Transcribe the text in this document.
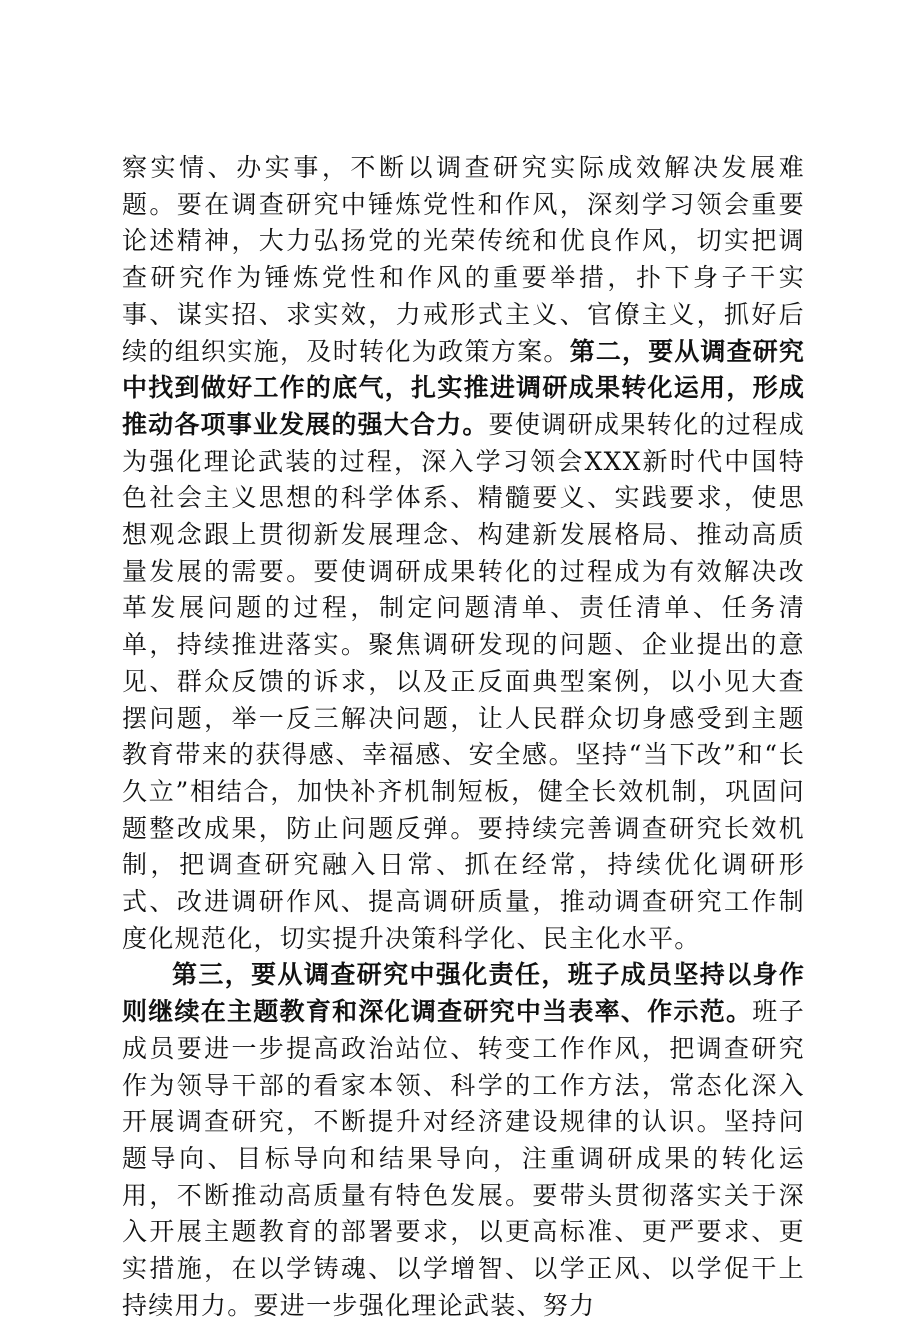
察实情、办实事，不断以调查研究实际成效解决发展难题。要在调查研究中锤炼党性和作风，深刻学习领会重要论述精神，大力弘扬党的光荣传统和优良作风，切实把调查研究作为锤炼党性和作风的重要举措，扑下身子干实事、谋实招、求实效，力戒形式主义、官僚主义，抓好后续的组织实施，及时转化为政策方案。第二，要从调查研究中找到做好工作的底气，扎实推进调研成果转化运用，形成推动各项事业发展的强大合力。要使调研成果转化的过程成为强化理论武装的过程，深入学习领会XXX新时代中国特色社会主义思想的科学体系、精髓要义、实践要求，使思想观念跟上贯彻新发展理念、构建新发展格局、推动高质量发展的需要。要使调研成果转化的过程成为有效解决改革发展问题的过程，制定问题清单、责任清单、任务清单，持续推进落实。聚焦调研发现的问题、企业提出的意见、群众反馈的诉求，以及正反面典型案例，以小见大查摆问题，举一反三解决问题，让人民群众切身感受到主题教育带来的获得感、幸福感、安全感。坚持“当下改”和“长久立”相结合，加快补齐机制短板，健全长效机制，巩固问题整改成果，防止问题反弹。要持续完善调查研究长效机制，把调查研究融入日常、抓在经常，持续优化调研形式、改进调研作风、提高调研质量，推动调查研究工作制度化规范化，切实提升决策科学化、民主化水平。

第三，要从调查研究中强化责任，班子成员坚持以身作则继续在主题教育和深化调查研究中当表率、作示范。班子成员要进一步提高政治站位、转变工作作风，把调查研究作为领导干部的看家本领、科学的工作方法，常态化深入开展调查研究，不断提升对经济建设规律的认识。坚持问题导向、目标导向和结果导向，注重调研成果的转化运用，不断推动高质量有特色发展。要带头贯彻落实关于深入开展主题教育的部署要求，以更高标准、更严要求、更实措施，在以学铸魂、以学增智、以学正风、以学促干上持续用力。要进一步强化理论武装、努力
